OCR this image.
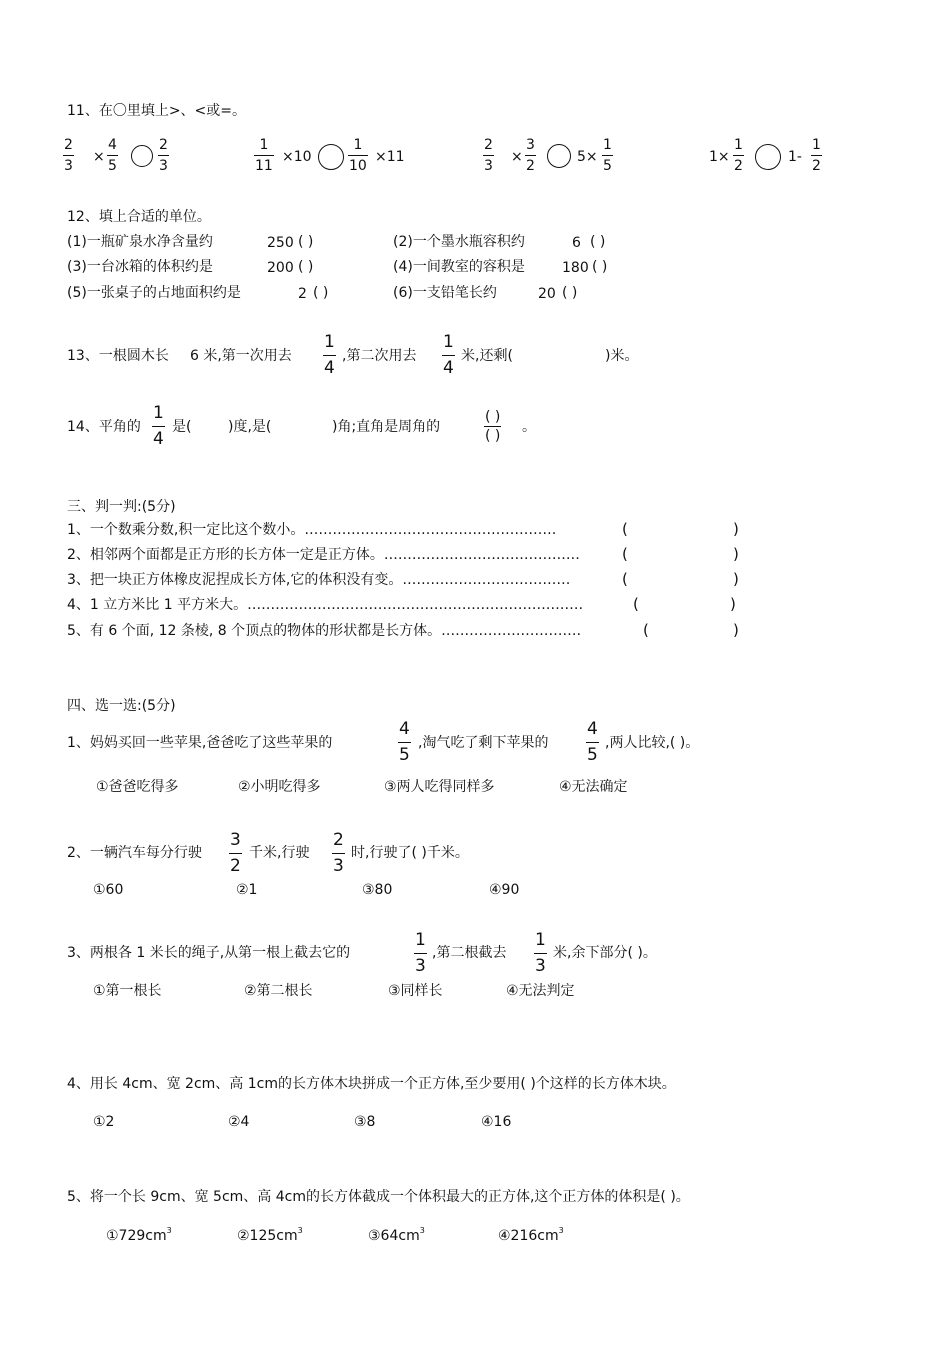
11、在〇里填上>、<或=。
2
3
×
4
5
2
3
1
11
×10
1
10
×11
2
3
×
3
2
5×
1
5
1×
1
2
1-
1
2
12、填上合适的单位。
(1)一瓶矿泉水净含量约	250 ( )	(2)一个墨水瓶容积约	6 ( )
(3)一台冰箱的体积约是	200 ( )	(4)一间教室的容积是	180 ( )
(5)一张桌子的占地面积约是	2 ( )	(6)一支铅笔长约	20 ( )
13、一根圆木长 6 米,第一次用去
1
4
,第二次用去
1
4
米,还剩(	)米。
14、平角的
1
4
是(	)度,是(	)角;直角是周角的
( )
( )
。
三、判一判:(5分)
1、一个数乘分数,积一定比这个数小。………………………………………………	(	)
2、相邻两个面都是正方形的长方体一定是正方体。……………………………………	(	)
3、把一块正方体橡皮泥捏成长方体,它的体积没有变。………………………………	(	)
4、1 立方米比 1 平方米大。………………………………………………………………	(	)
5、有 6 个面, 12 条棱, 8 个顶点的物体的形状都是长方体。…………………………	(	)
四、选一选:(5分)
1、妈妈买回一些苹果,爸爸吃了这些苹果的
4
5
,淘气吃了剩下苹果的
4
5
,两人比较,( )。
①爸爸吃得多	②小明吃得多	③两人吃得同样多	④无法确定
2、一辆汽车每分行驶
3
2
千米,行驶
2
3
时,行驶了( )千米。
①60	②1	③80	④90
3、两根各 1 米长的绳子,从第一根上截去它的
1
3
,第二根截去
1
3
米,余下部分( )。
①第一根长	②第二根长	③同样长	④无法判定
4、用长 4cm、宽 2cm、高 1cm的长方体木块拼成一个正方体,至少要用( )个这样的长方体木块。
①2	②4	③8	④16
5、将一个长 9cm、宽 5cm、高 4cm的长方体截成一个体积最大的正方体,这个正方体的体积是( )。
$①729cm^3$	$②125cm^3$	$③64cm^3$	$④216cm^3$
